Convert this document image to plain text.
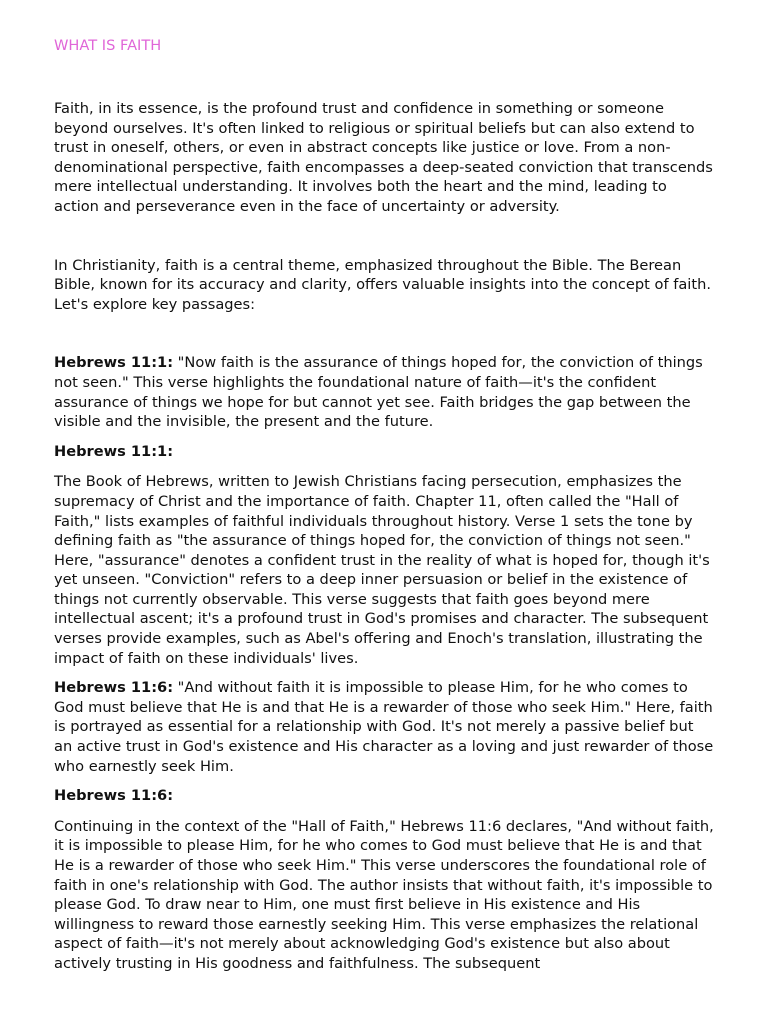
WHAT IS FAITH

Faith, in its essence, is the profound trust and confidence in something or someone beyond ourselves. It's often linked to religious or spiritual beliefs but can also extend to trust in oneself, others, or even in abstract concepts like justice or love. From a non-denominational perspective, faith encompasses a deep-seated conviction that transcends mere intellectual understanding. It involves both the heart and the mind, leading to action and perseverance even in the face of uncertainty or adversity.

In Christianity, faith is a central theme, emphasized throughout the Bible. The Berean Bible, known for its accuracy and clarity, offers valuable insights into the concept of faith. Let's explore key passages:

Hebrews 11:1: "Now faith is the assurance of things hoped for, the conviction of things not seen." This verse highlights the foundational nature of faith—it's the confident assurance of things we hope for but cannot yet see. Faith bridges the gap between the visible and the invisible, the present and the future.

Hebrews 11:1:

The Book of Hebrews, written to Jewish Christians facing persecution, emphasizes the supremacy of Christ and the importance of faith. Chapter 11, often called the "Hall of Faith," lists examples of faithful individuals throughout history. Verse 1 sets the tone by defining faith as "the assurance of things hoped for, the conviction of things not seen." Here, "assurance" denotes a confident trust in the reality of what is hoped for, though it's yet unseen. "Conviction" refers to a deep inner persuasion or belief in the existence of things not currently observable. This verse suggests that faith goes beyond mere intellectual ascent; it's a profound trust in God's promises and character. The subsequent verses provide examples, such as Abel's offering and Enoch's translation, illustrating the impact of faith on these individuals' lives.

Hebrews 11:6: "And without faith it is impossible to please Him, for he who comes to God must believe that He is and that He is a rewarder of those who seek Him." Here, faith is portrayed as essential for a relationship with God. It's not merely a passive belief but an active trust in God's existence and His character as a loving and just rewarder of those who earnestly seek Him.

Hebrews 11:6:

Continuing in the context of the "Hall of Faith," Hebrews 11:6 declares, "And without faith, it is impossible to please Him, for he who comes to God must believe that He is and that He is a rewarder of those who seek Him." This verse underscores the foundational role of faith in one's relationship with God. The author insists that without faith, it's impossible to please God. To draw near to Him, one must first believe in His existence and His willingness to reward those earnestly seeking Him. This verse emphasizes the relational aspect of faith—it's not merely about acknowledging God's existence but also about actively trusting in His goodness and faithfulness. The subsequent
